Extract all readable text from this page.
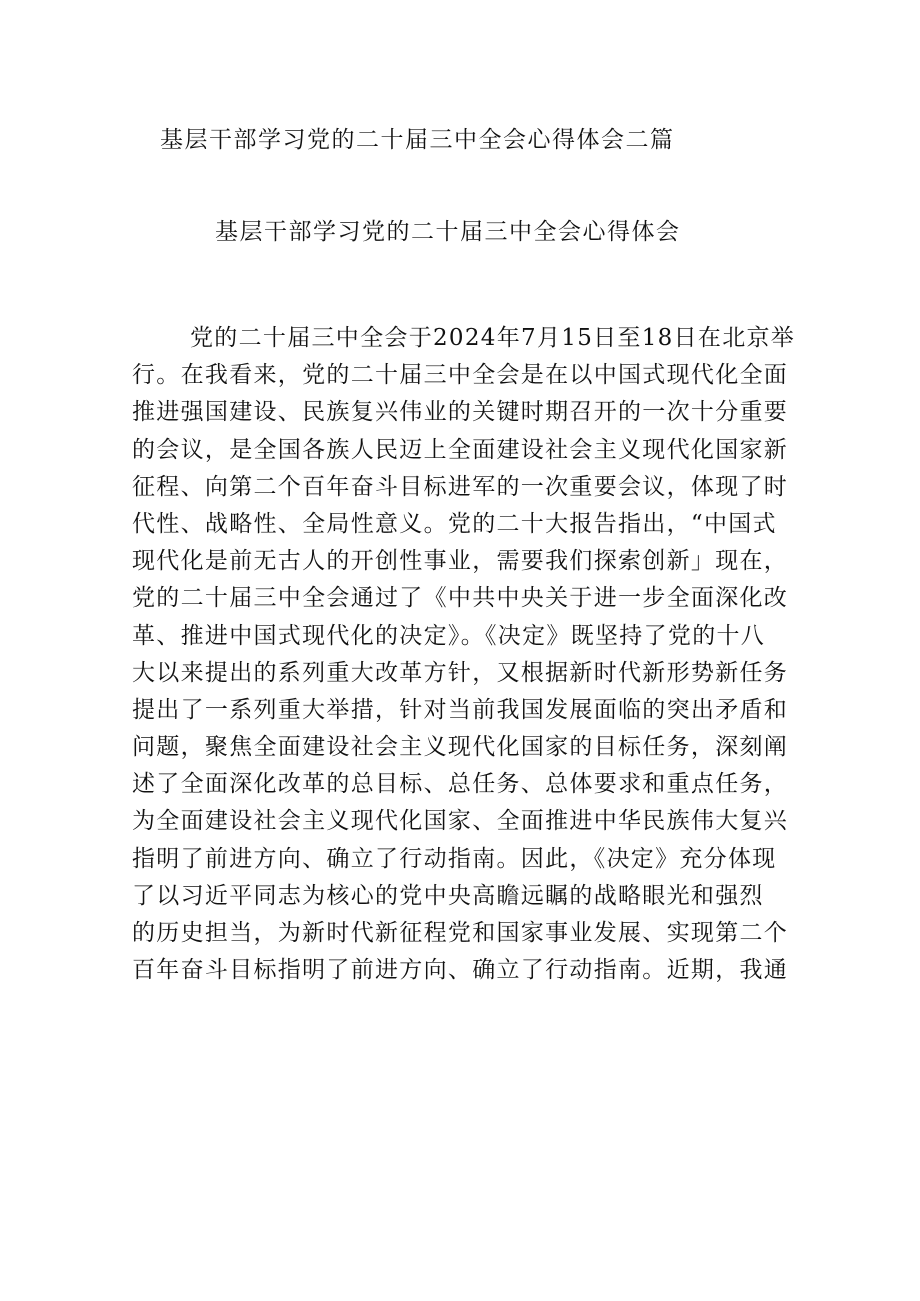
基层干部学习党的二十届三中全会心得体会二篇
基层干部学习党的二十届三中全会心得体会
党的二十届三中全会于2024年7月15日至18日在北京举
行。在我看来，党的二十届三中全会是在以中国式现代化全面
推进强国建设、民族复兴伟业的关键时期召开的一次十分重要
的会议，是全国各族人民迈上全面建设社会主义现代化国家新
征程、向第二个百年奋斗目标进军的一次重要会议，体现了时
代性、战略性、全局性意义。党的二十大报告指出，“中国式
现代化是前无古人的开创性事业，需要我们探索创新」现在，
党的二十届三中全会通过了《中共中央关于进一步全面深化改
革、推进中国式现代化的决定》。《决定》既坚持了党的十八
大以来提出的系列重大改革方针，又根据新时代新形势新任务
提出了一系列重大举措，针对当前我国发展面临的突出矛盾和
问题，聚焦全面建设社会主义现代化国家的目标任务，深刻阐
述了全面深化改革的总目标、总任务、总体要求和重点任务，
为全面建设社会主义现代化国家、全面推进中华民族伟大复兴
指明了前进方向、确立了行动指南。因此，《决定》充分体现
了以习近平同志为核心的党中央高瞻远瞩的战略眼光和强烈
的历史担当，为新时代新征程党和国家事业发展、实现第二个
百年奋斗目标指明了前进方向、确立了行动指南。近期，我通
